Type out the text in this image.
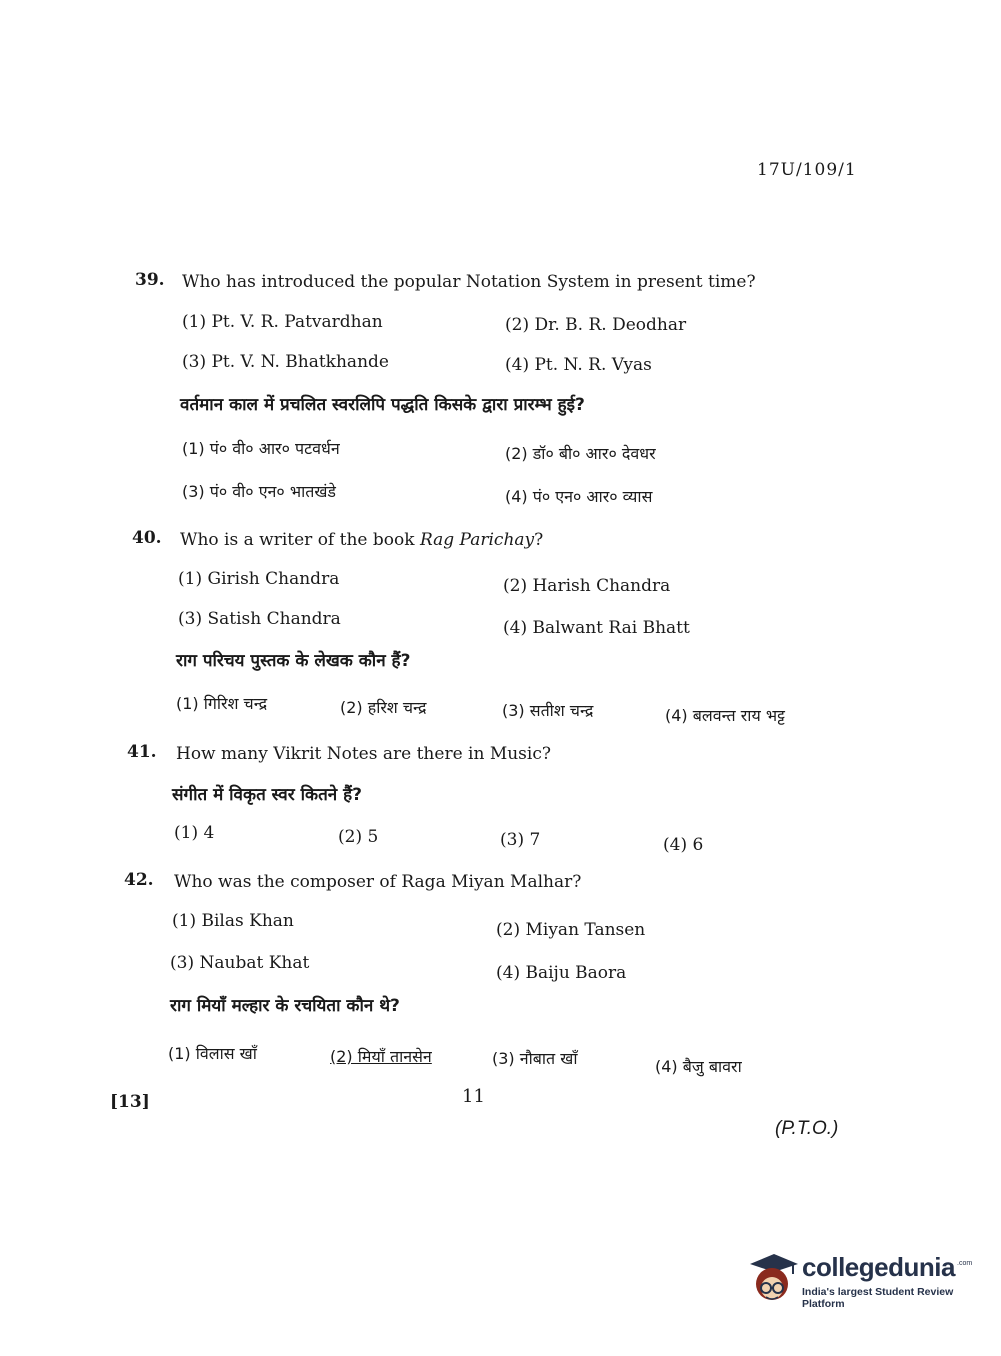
17U/109/1
39. Who has introduced the popular Notation System in present time?
(1) Pt. V. R. Patvardhan	(2) Dr. B. R. Deodhar
(3) Pt. V. N. Bhatkhande	(4) Pt. N. R. Vyas
वर्तमान काल में प्रचलित स्वरलिपि पद्धति किसके द्वारा प्रारम्भ हुई?
(1) पं० वी० आर० पटवर्धन	(2) डॉ० बी० आर० देवधर
(3) पं० वी० एन० भातखंडे	(4) पं० एन० आर० व्यास
40. Who is a writer of the book Rag Parichay?
(1) Girish Chandra	(2) Harish Chandra
(3) Satish Chandra	(4) Balwant Rai Bhatt
राग परिचय पुस्तक के लेखक कौन हैं?
(1) गिरिश चन्द्र	(2) हरिश चन्द्र	(3) सतीश चन्द्र	(4) बलवन्त राय भट्ट
41. How many Vikrit Notes are there in Music?
संगीत में विकृत स्वर कितने हैं?
(1) 4	(2) 5	(3) 7	(4) 6
42. Who was the composer of Raga Miyan Malhar?
(1) Bilas Khan	(2) Miyan Tansen
(3) Naubat Khat	(4) Baiju Baora
राग मियाँ मल्हार के रचयिता कौन थे?
(1) विलास खाँ	(2) मियाँ तानसेन	(3) नौबात खाँ	(4) बैजु बावरा
[13]	11
(P.T.O.)
collegedunia .com
India's largest Student Review Platform
